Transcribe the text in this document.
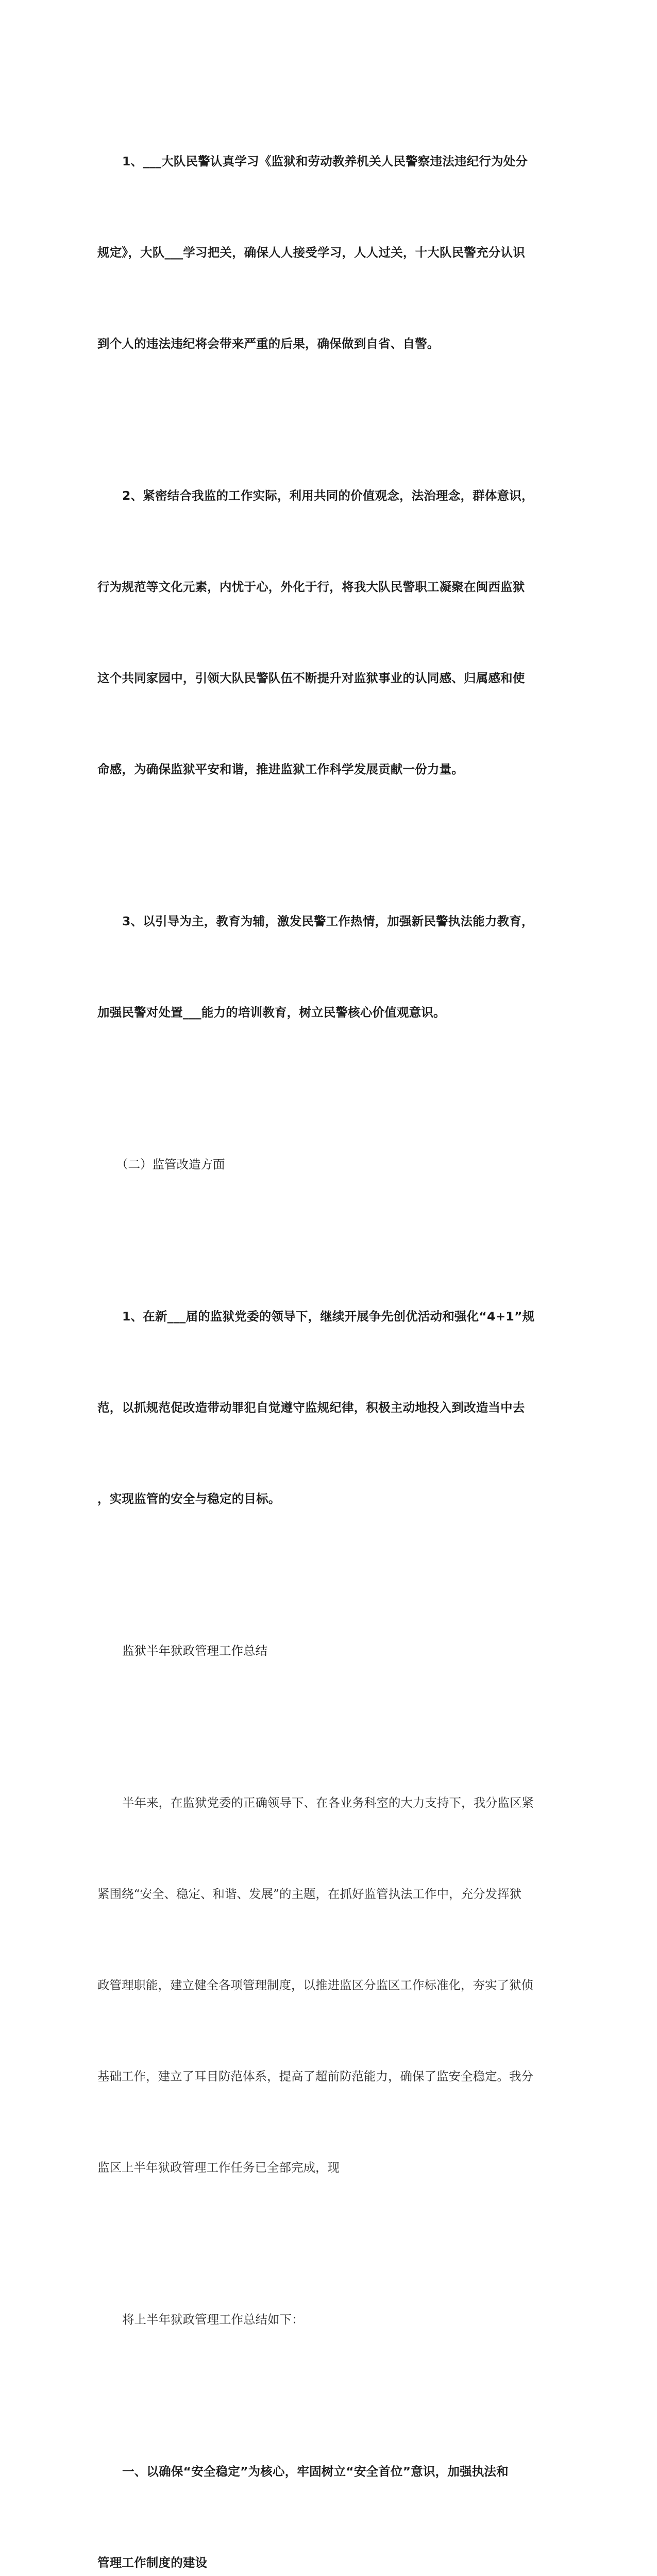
1、___大队民警认真学习《监狱和劳动教养机关人民警察违法违纪行为处分

规定》，大队___学习把关，确保人人接受学习，人人过关，十大队民警充分认识

到个人的违法违纪将会带来严重的后果，确保做到自省、自警。

2、紧密结合我监的工作实际，利用共同的价值观念，法治理念，群体意识，

行为规范等文化元素，内忧于心，外化于行，将我大队民警职工凝聚在闽西监狱

这个共同家园中，引领大队民警队伍不断提升对监狱事业的认同感、归属感和使

命感，为确保监狱平安和谐，推进监狱工作科学发展贡献一份力量。

3、以引导为主，教育为辅，激发民警工作热情，加强新民警执法能力教育，

加强民警对处置___能力的培训教育，树立民警核心价值观意识。

（二）监管改造方面

1、在新___届的监狱党委的领导下，继续开展争先创优活动和强化“4+1”规

范，以抓规范促改造带动罪犯自觉遵守监规纪律，积极主动地投入到改造当中去

，实现监管的安全与稳定的目标。

监狱半年狱政管理工作总结

半年来，在监狱党委的正确领导下、在各业务科室的大力支持下，我分监区紧

紧围绕“安全、稳定、和谐、发展”的主题，在抓好监管执法工作中，充分发挥狱

政管理职能，建立健全各项管理制度，以推进监区分监区工作标准化，夯实了狱侦

基础工作，建立了耳目防范体系，提高了超前防范能力，确保了监安全稳定。我分

监区上半年狱政管理工作任务已全部完成，现

将上半年狱政管理工作总结如下：

一、以确保“安全稳定”为核心，牢固树立“安全首位”意识，加强执法和

管理工作制度的建设
